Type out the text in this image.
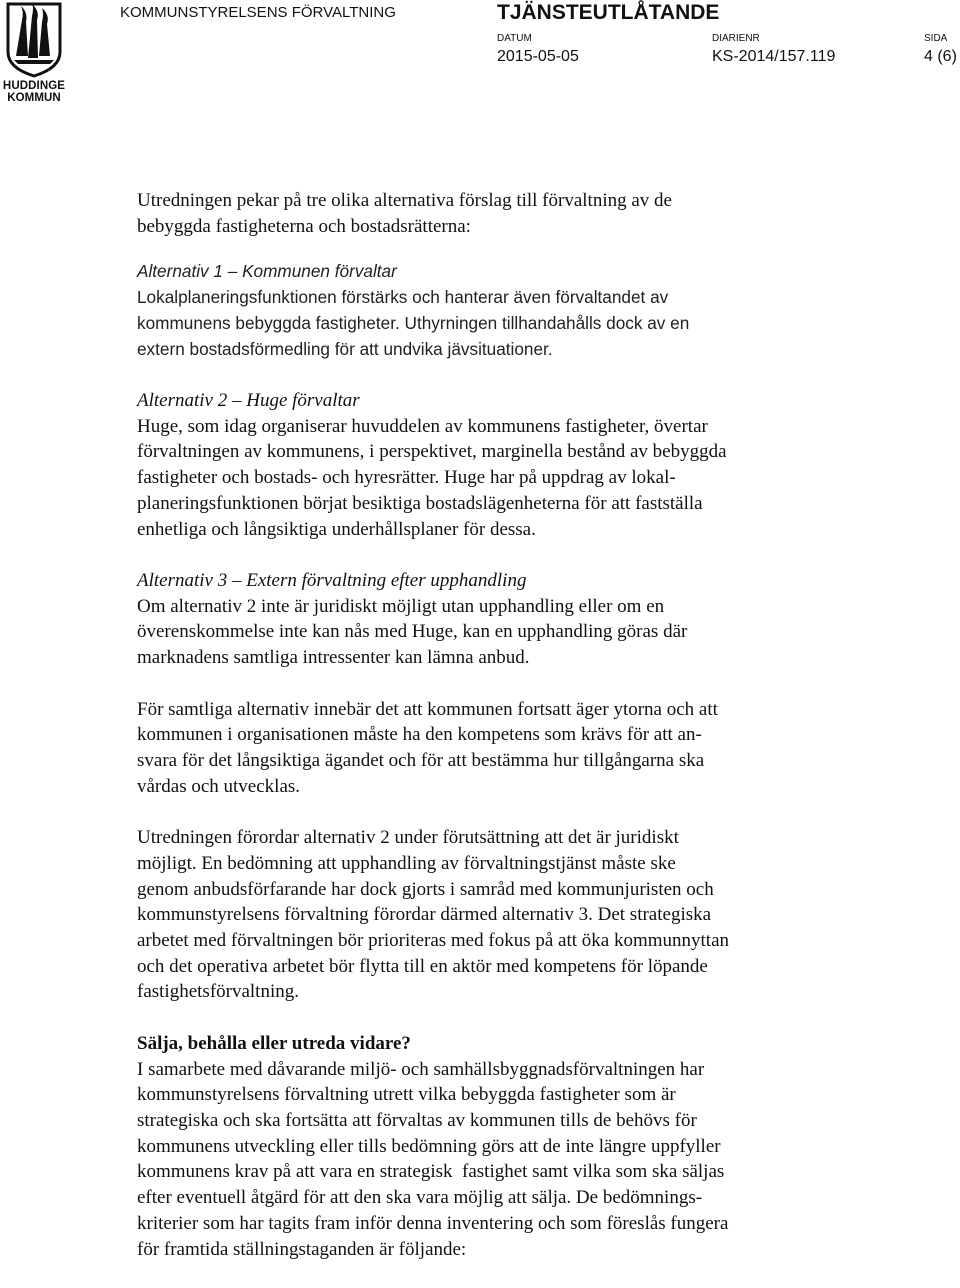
HUDDINGE
KOMMUN
KOMMUNSTYRELSENS FÖRVALTNING	TJÄNSTEUTLÅTANDE
DATUM	DIARIENR	SIDA
2015-05-05	KS-2014/157.119	4 (6)

Utredningen pekar på tre olika alternativa förslag till förvaltning av de
bebyggda fastigheterna och bostadsrätterna:

Alternativ 1 – Kommunen förvaltar
Lokalplaneringsfunktionen förstärks och hanterar även förvaltandet av
kommunens bebyggda fastigheter. Uthyrningen tillhandahålls dock av en
extern bostadsförmedling för att undvika jävsituationer.

Alternativ 2 – Huge förvaltar
Huge, som idag organiserar huvuddelen av kommunens fastigheter, övertar
förvaltningen av kommunens, i perspektivet, marginella bestånd av bebyggda
fastigheter och bostads- och hyresrätter. Huge har på uppdrag av lokal-
planeringsfunktionen börjat besiktiga bostadslägenheterna för att fastställa
enhetliga och långsiktiga underhållsplaner för dessa.

Alternativ 3 – Extern förvaltning efter upphandling
Om alternativ 2 inte är juridiskt möjligt utan upphandling eller om en
överenskommelse inte kan nås med Huge, kan en upphandling göras där
marknadens samtliga intressenter kan lämna anbud.

För samtliga alternativ innebär det att kommunen fortsatt äger ytorna och att
kommunen i organisationen måste ha den kompetens som krävs för att an-
svara för det långsiktiga ägandet och för att bestämma hur tillgångarna ska
vårdas och utvecklas.

Utredningen förordar alternativ 2 under förutsättning att det är juridiskt
möjligt. En bedömning att upphandling av förvaltningstjänst måste ske
genom anbudsförfarande har dock gjorts i samråd med kommunjuristen och
kommunstyrelsens förvaltning förordar därmed alternativ 3. Det strategiska
arbetet med förvaltningen bör prioriteras med fokus på att öka kommunnyttan
och det operativa arbetet bör flytta till en aktör med kompetens för löpande
fastighetsförvaltning.

Sälja, behålla eller utreda vidare?
I samarbete med dåvarande miljö- och samhällsbyggnadsförvaltningen har
kommunstyrelsens förvaltning utrett vilka bebyggda fastigheter som är
strategiska och ska fortsätta att förvaltas av kommunen tills de behövs för
kommunens utveckling eller tills bedömning görs att de inte längre uppfyller
kommunens krav på att vara en strategisk  fastighet samt vilka som ska säljas
efter eventuell åtgärd för att den ska vara möjlig att sälja. De bedömnings-
kriterier som har tagits fram inför denna inventering och som föreslås fungera
för framtida ställningstaganden är följande:
